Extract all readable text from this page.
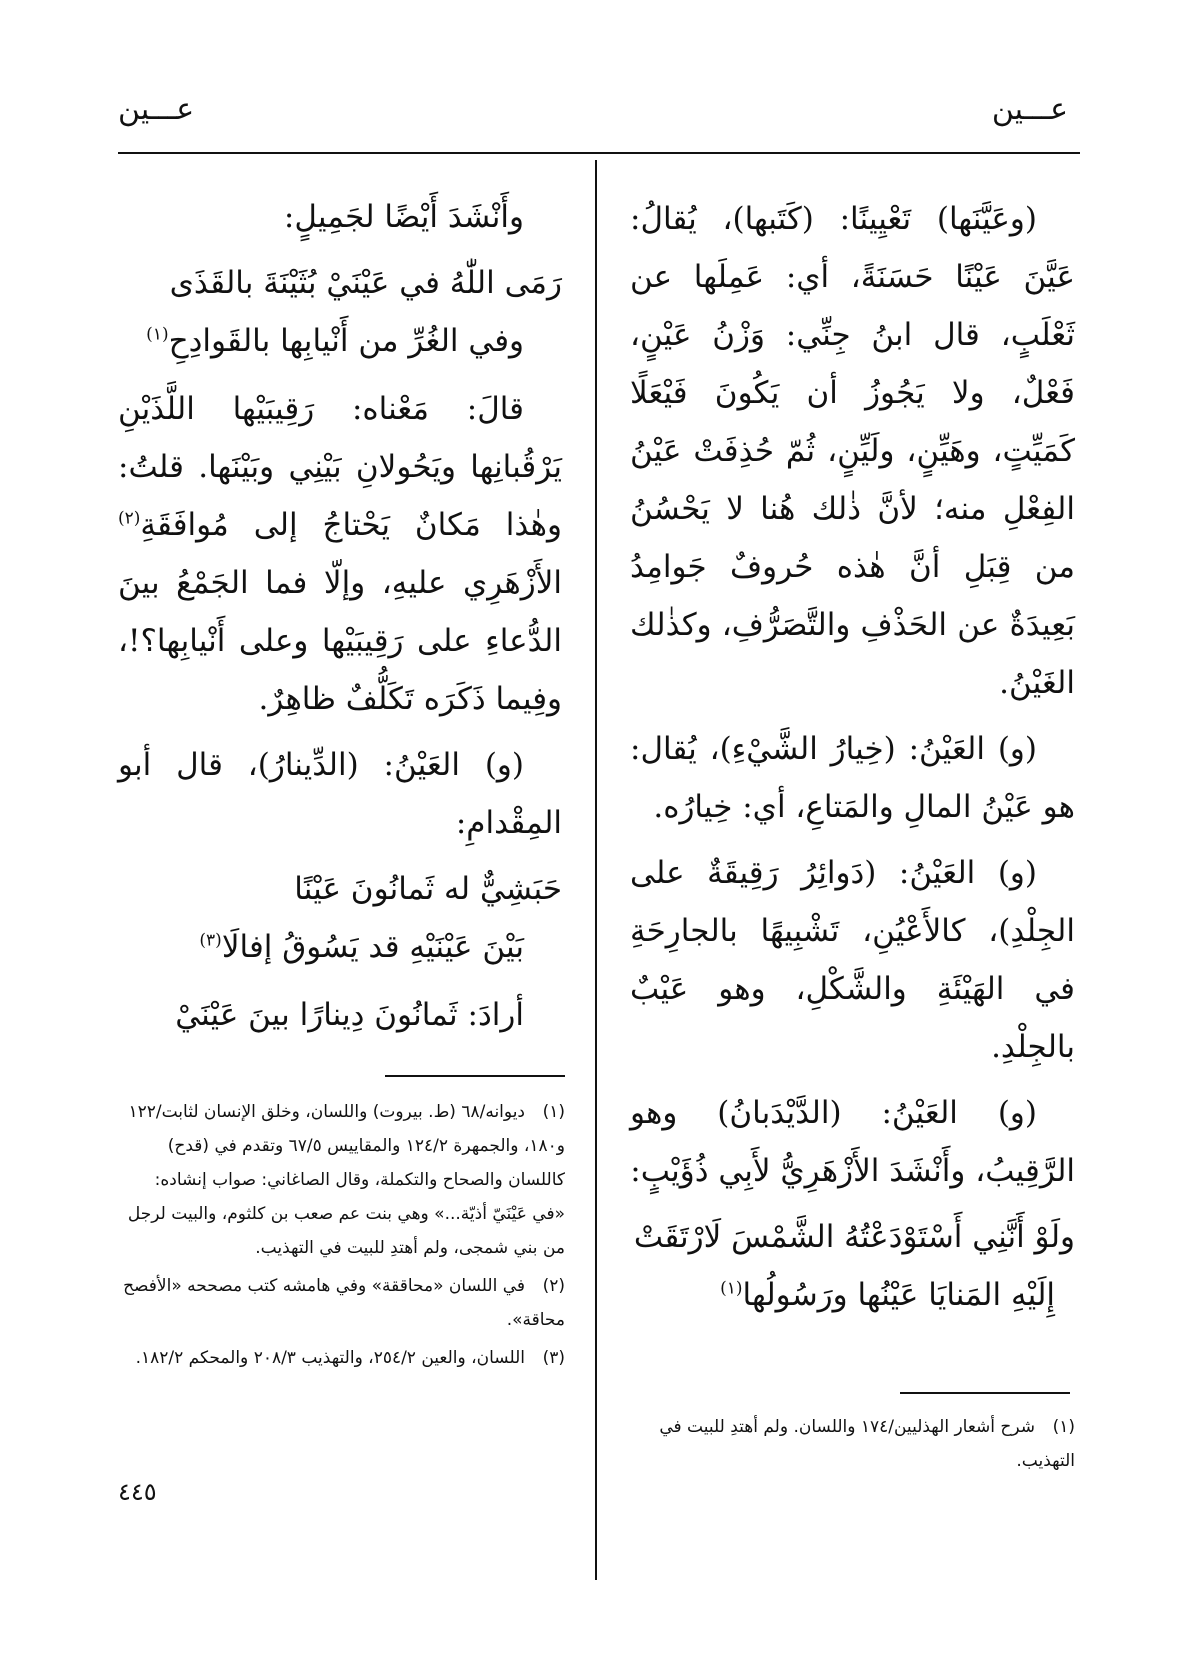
عـــين
عـــين

(وعَيَّنَها) تَعْيِينًا: (كَتَبها)، يُقالُ: عَيَّنَ عَيْنًا حَسَنَةً، أي: عَمِلَها عن ثَعْلَبٍ، قال ابنُ جِنِّي: وَزْنُ عَيْنٍ، فَعْلٌ، ولا يَجُوزُ أن يَكُونَ فَيْعَلًا كَمَيِّتٍ، وهَيِّنٍ، ولَيِّنٍ، ثُمّ حُذِفَتْ عَيْنُ الفِعْلِ منه؛ لأنَّ ذٰلك هُنا لا يَحْسُنُ من قِبَلِ أنَّ هٰذه حُروفٌ جَوامِدُ بَعِيدَةٌ عن الحَذْفِ والتَّصَرُّفِ، وكذٰلك الغَيْنُ.

(و) العَيْنُ: (خِيارُ الشَّيْءِ)، يُقال: هو عَيْنُ المالِ والمَتاعِ، أي: خِيارُه.

(و) العَيْنُ: (دَوائِرُ رَقِيقَةٌ على الجِلْدِ)، كالأَعْيُنِ، تَشْبِيهًا بالجارِحَةِ في الهَيْئَةِ والشَّكْلِ، وهو عَيْبٌ بالجِلْدِ.

(و) العَيْنُ: (الدَّيْدَبانُ) وهو الرَّقِيبُ، وأَنْشَدَ الأَزْهَرِيُّ لأَبِي ذُؤَيْبٍ:

ولَوْ أَنَّنِي أَسْتَوْدَعْتُهُ الشَّمْسَ لَارْتَقَتْ
إِلَيْهِ المَنايَا عَيْنُها ورَسُولُها$^{(١)}$

وأَنْشَدَ أَيْضًا لجَمِيلٍ:

رَمَى اللّٰهُ في عَيْنَيْ بُثَيْنَةَ بالقَذَى
وفي الغُرِّ من أَنْيابِها بالقَوادِحِ$^{(١)}$

قالَ: مَعْناه: رَقِيبَيْها اللَّذَيْنِ يَرْقُبانِها ويَحُولانِ بَيْنِي وبَيْنَها. قلتُ: وهٰذا مَكانٌ يَحْتاجُ إلى مُوافَقَةِ$^{(٢)}$ الأَزْهَرِي عليهِ، وإلّا فما الجَمْعُ بينَ الدُّعاءِ على رَقِيبَيْها وعلى أَنْيابِها؟!، وفِيما ذَكَرَه تَكَلُّفٌ ظاهِرٌ.

(و) العَيْنُ: (الدِّينارُ)، قال أبو المِقْدامِ:

حَبَشِيٌّ له ثَمانُونَ عَيْنًا
بَيْنَ عَيْنَيْهِ قد يَسُوقُ إفالَا$^{(٣)}$

أرادَ: ثَمانُونَ دِينارًا بينَ عَيْنَيْ

(١)شرح أشعار الهذليين/١٧٤ واللسان. ولم أهتدِ للبيت في التهذيب.
(١)ديوانه/٦٨ (ط. بيروت) واللسان، وخلق الإنسان لثابت/١٢٢ و١٨٠، والجمهرة ١٢٤/٢ والمقاييس ٦٧/٥ وتقدم في (قدح) كاللسان والصحاح والتكملة، وقال الصاغاني: صواب إنشاده: «في عَيْنَيّ أذيّة...» وهي بنت عم صعب بن كلثوم، والبيت لرجل من بني شمجى، ولم أهتدِ للبيت في التهذيب.
(٢)في اللسان «محاققة» وفي هامشه كتب مصححه «الأفصح محاقة».
(٣)اللسان، والعين ٢٥٤/٢، والتهذيب ٢٠٨/٣ والمحكم ١٨٢/٢.
٤٤٥
